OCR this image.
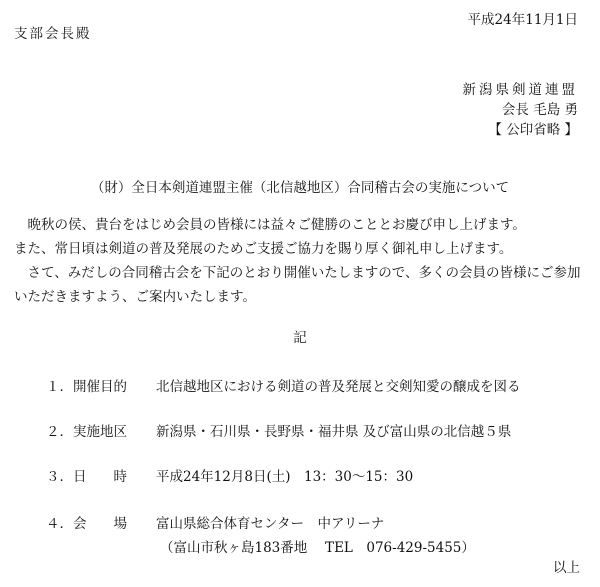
平成24年11月1日
支部会長殿
新潟県剣道連盟
会長 毛島 勇
【 公印省略 】
（財）全日本剣道連盟主催（北信越地区）合同稽古会の実施について

　晩秋の侯、貴台をはじめ会員の皆様には益々ご健勝のこととお慶び申し上げます。

また、常日頃は剣道の普及発展のためご支援ご協力を賜り厚く御礼申し上げます。

　さて、みだしの合同稽古会を下記のとおり開催いたしますので、多くの会員の皆様にご参加いただきますよう、ご案内いたします。

記
１．開催目的 北信越地区における剣道の普及発展と交剣知愛の醸成を図る
２．実施地区 新潟県・石川県・長野県・福井県 及び富山県の北信越５県
３．日　　時 平成24年12月8日(土)　13：30～15：30
４．会　　場 富山県総合体育センター　中アリーナ
（富山市秋ヶ島183番地　 TEL　076-429-5455）
以上
